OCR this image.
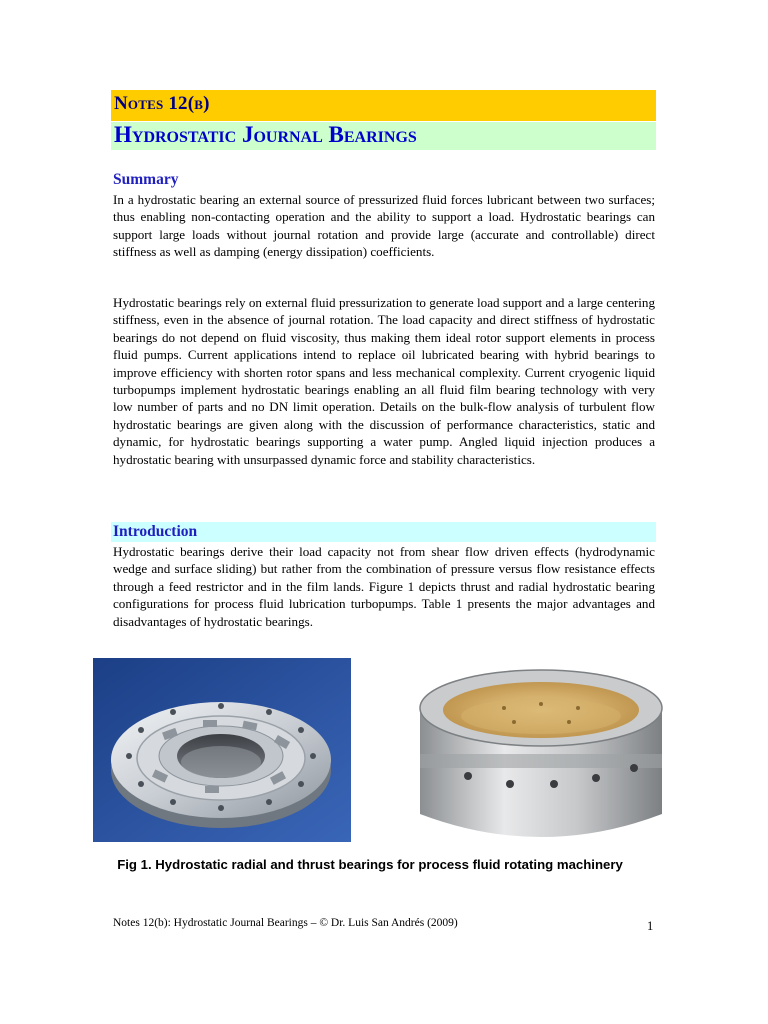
Notes 12(b)
Hydrostatic Journal Bearings
Summary
In a hydrostatic bearing an external source of pressurized fluid forces lubricant between two surfaces; thus enabling non-contacting operation and the ability to support a load. Hydrostatic bearings can support large loads without journal rotation and provide large (accurate and controllable) direct stiffness as well as damping (energy dissipation) coefficients.
Hydrostatic bearings rely on external fluid pressurization to generate load support and a large centering stiffness, even in the absence of journal rotation. The load capacity and direct stiffness of hydrostatic bearings do not depend on fluid viscosity, thus making them ideal rotor support elements in process fluid pumps. Current applications intend to replace oil lubricated bearing with hybrid bearings to improve efficiency with shorten rotor spans and less mechanical complexity. Current cryogenic liquid turbopumps implement hydrostatic bearings enabling an all fluid film bearing technology with very low number of parts and no DN limit operation. Details on the bulk-flow analysis of turbulent flow hydrostatic bearings are given along with the discussion of performance characteristics, static and dynamic, for hydrostatic bearings supporting a water pump. Angled liquid injection produces a hydrostatic bearing with unsurpassed dynamic force and stability characteristics.
Introduction
Hydrostatic bearings derive their load capacity not from shear flow driven effects (hydrodynamic wedge and surface sliding) but rather from the combination of pressure versus flow resistance effects through a feed restrictor and in the film lands. Figure 1 depicts thrust and radial hydrostatic bearing configurations for process fluid lubrication turbopumps. Table 1 presents the major advantages and disadvantages of hydrostatic bearings.
Fig 1. Hydrostatic radial and thrust bearings for process fluid rotating machinery
Notes 12(b): Hydrostatic Journal Bearings – © Dr. Luis San Andrés (2009)	1
